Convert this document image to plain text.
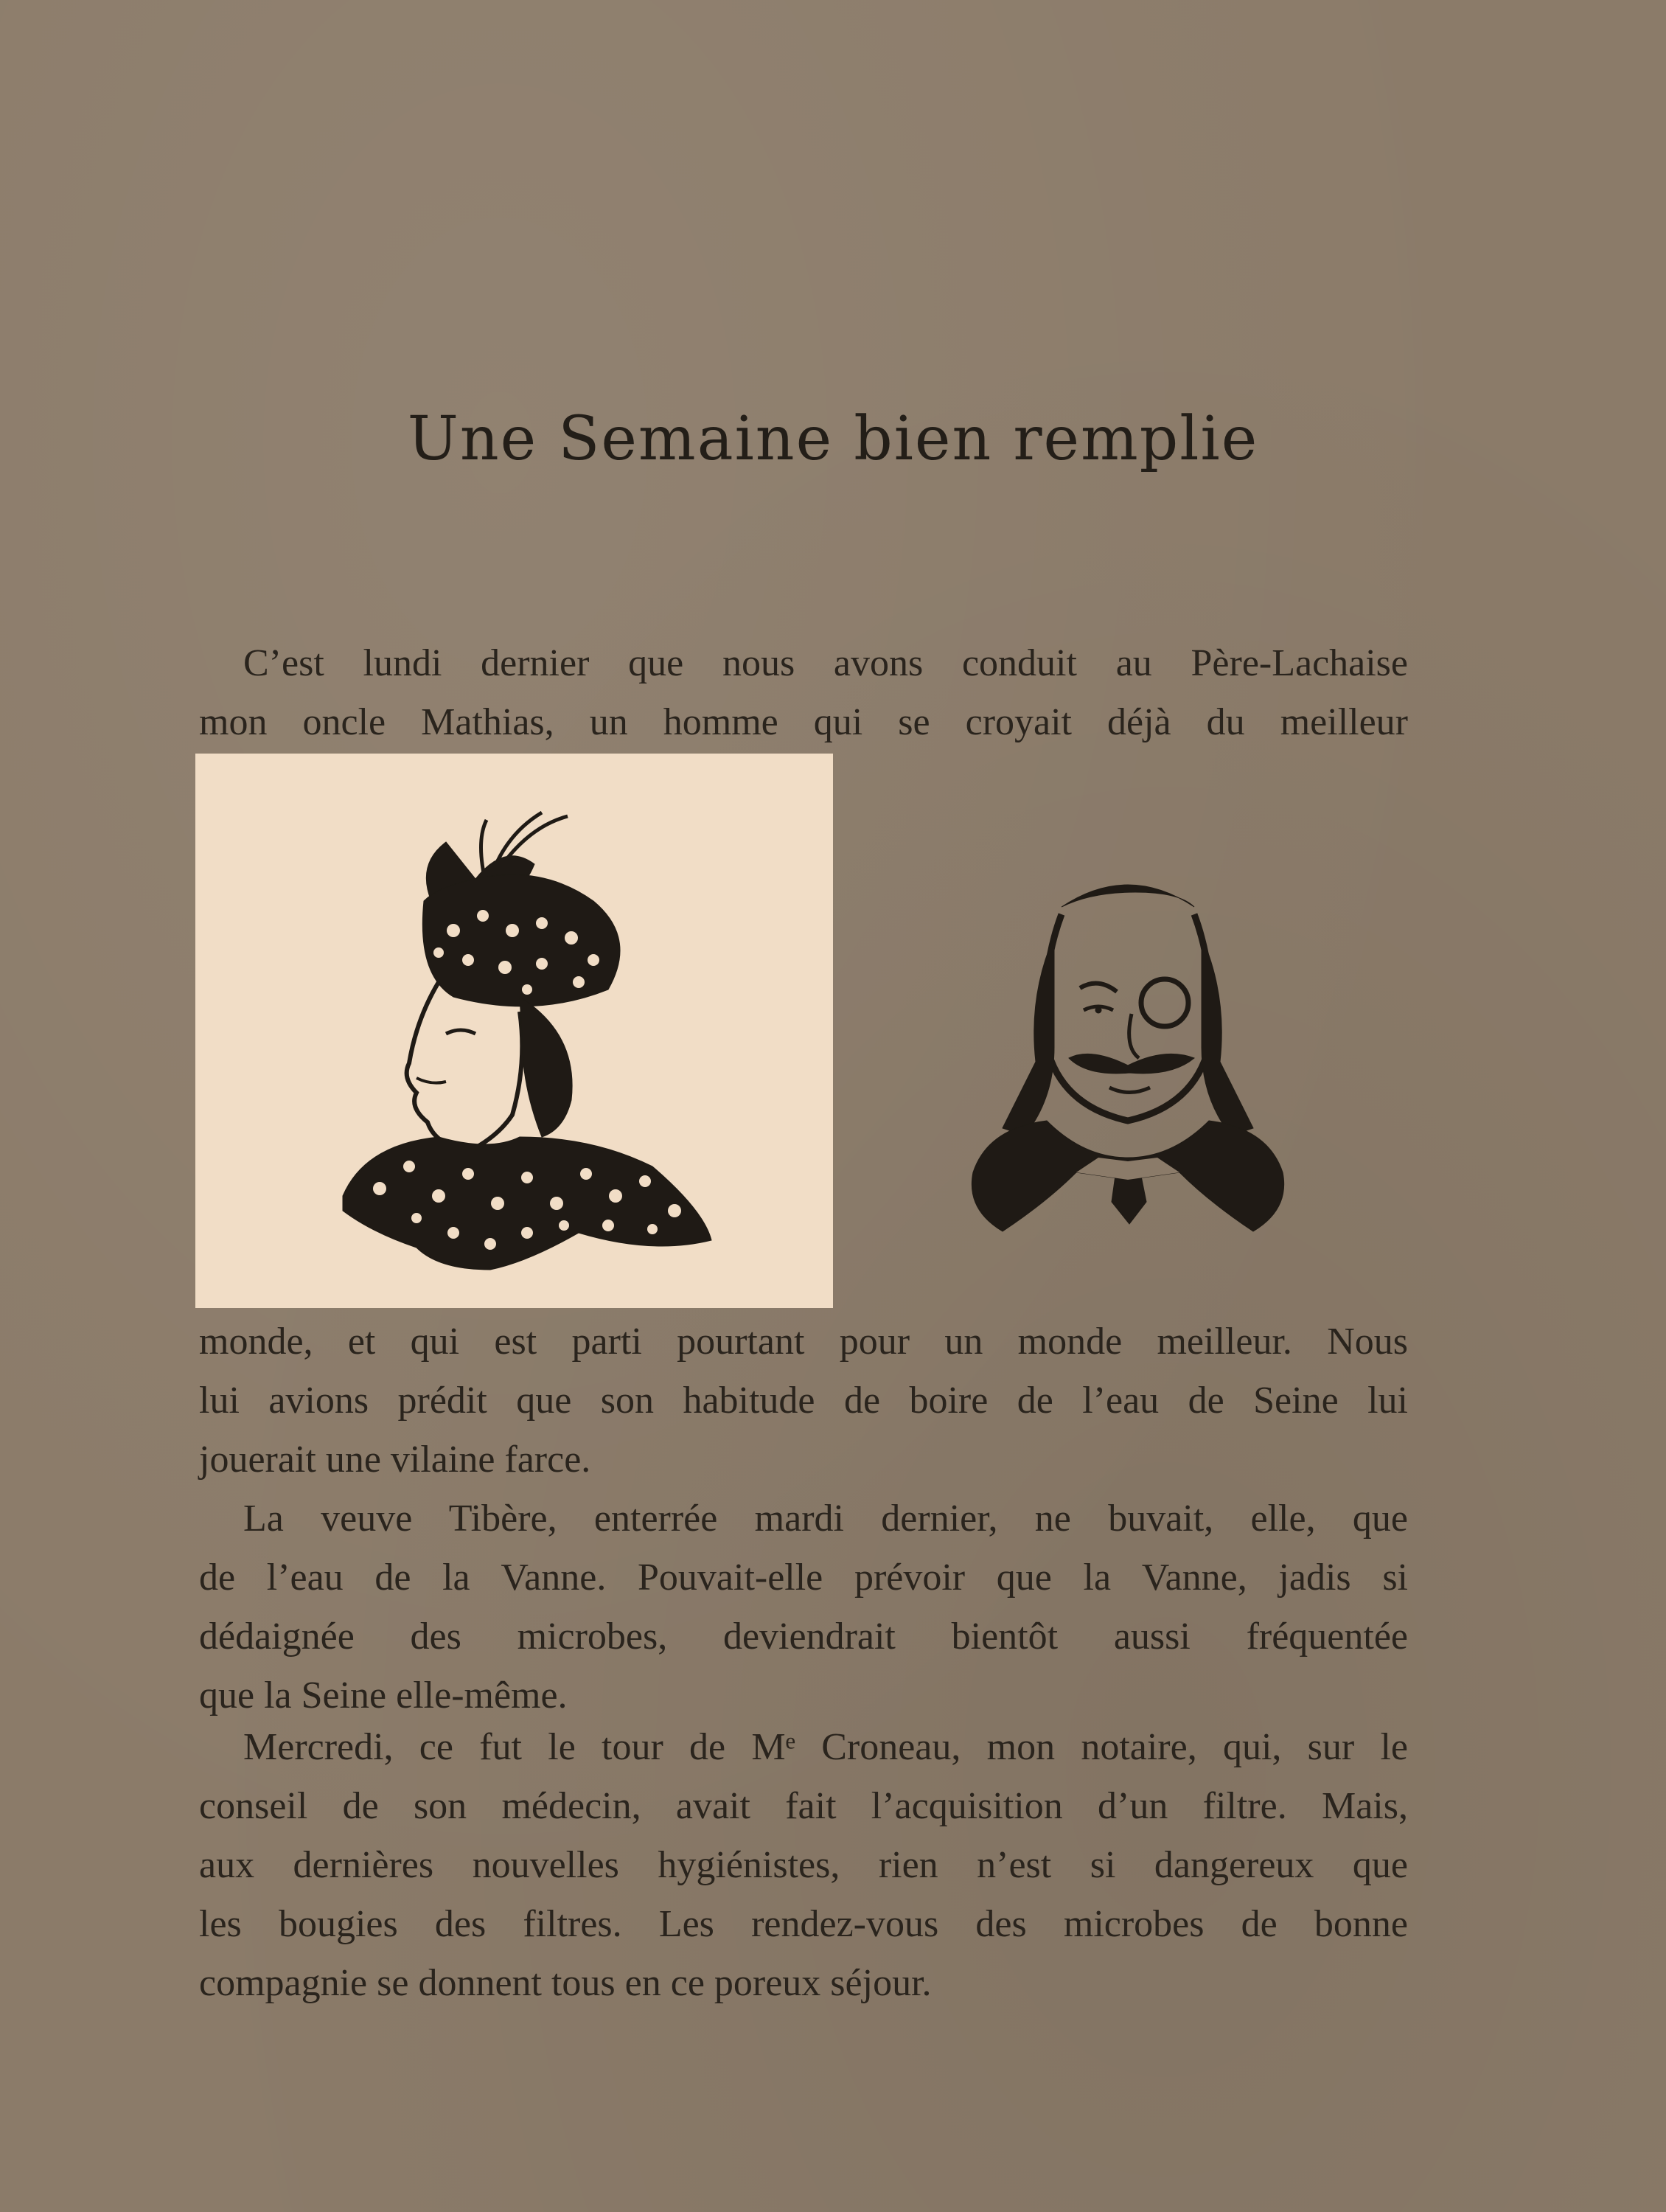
Une Semaine bien remplie
C’est lundi dernier que nous avons conduit au Père-Lachaise
mon oncle Mathias, un homme qui se croyait déjà du meilleur
monde, et qui est parti pourtant pour un monde meilleur. Nous
lui avions prédit que son habitude de boire de l’eau de Seine lui
jouerait une vilaine farce.
La veuve Tibère, enterrée mardi dernier, ne buvait, elle, que
de l’eau de la Vanne. Pouvait-elle prévoir que la Vanne, jadis si
dédaignée des microbes, deviendrait bientôt aussi fréquentée
que la Seine elle-même.
Mercredi, ce fut le tour de Mᵉ Croneau, mon notaire, qui, sur le
conseil de son médecin, avait fait l’acquisition d’un filtre. Mais,
aux dernières nouvelles hygiénistes, rien n’est si dangereux que
les bougies des filtres. Les rendez-vous des microbes de bonne
compagnie se donnent tous en ce poreux séjour.
